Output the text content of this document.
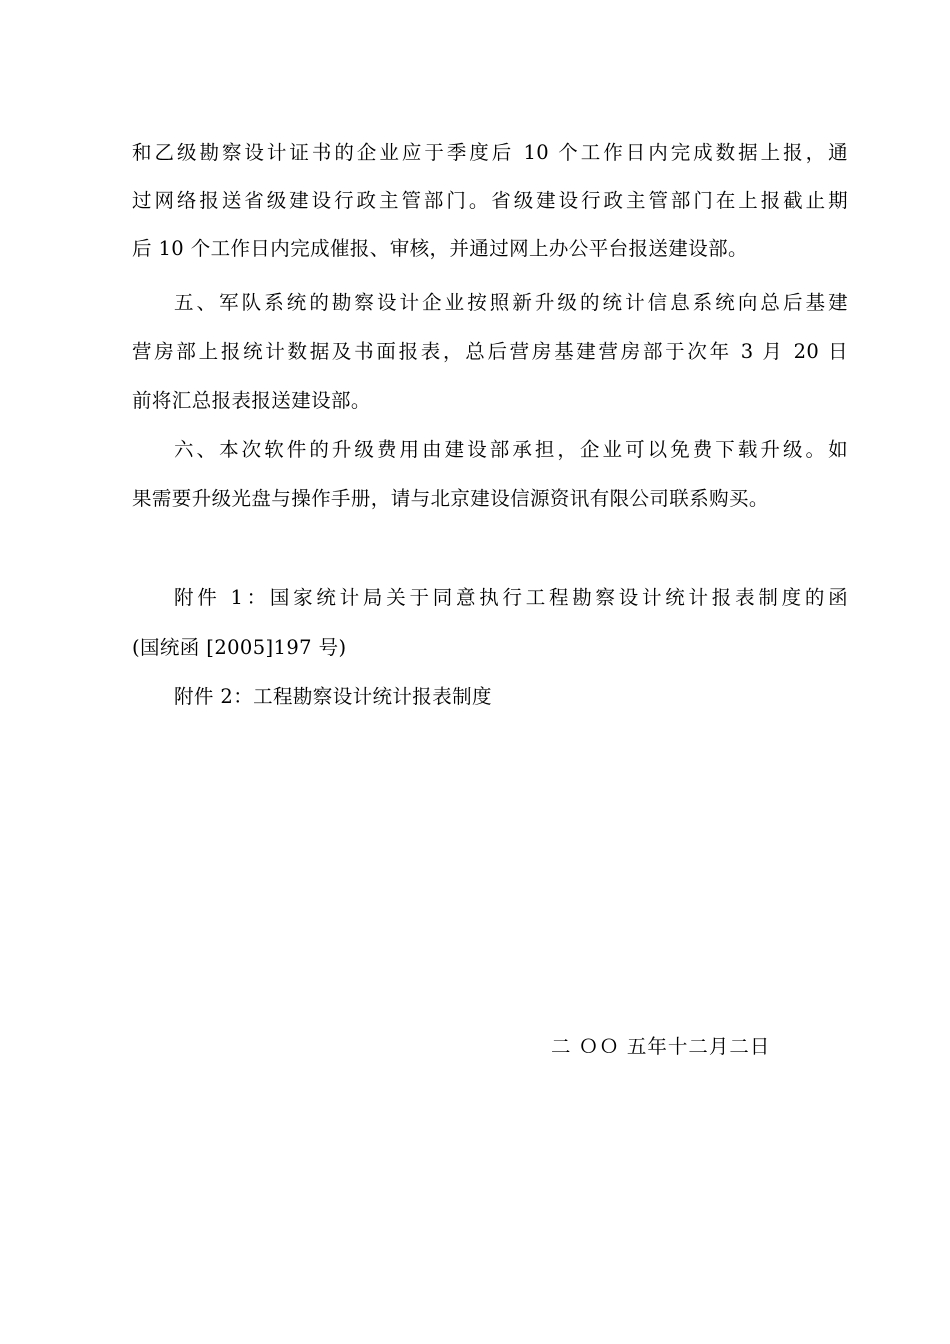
和乙级勘察设计证书的企业应于季度后 10 个工作日内完成数据上报，通
过网络报送省级建设行政主管部门。省级建设行政主管部门在上报截止期
后 10 个工作日内完成催报、审核，并通过网上办公平台报送建设部。
五、军队系统的勘察设计企业按照新升级的统计信息系统向总后基建
营房部上报统计数据及书面报表，总后营房基建营房部于次年 3 月 20 日
前将汇总报表报送建设部。
六、本次软件的升级费用由建设部承担，企业可以免费下载升级。如
果需要升级光盘与操作手册，请与北京建设信源资讯有限公司联系购买。
附件 1：国家统计局关于同意执行工程勘察设计统计报表制度的函
(国统函 [2005]197 号)
附件 2：工程勘察设计统计报表制度
二 ＯＯ 五年十二月二日
